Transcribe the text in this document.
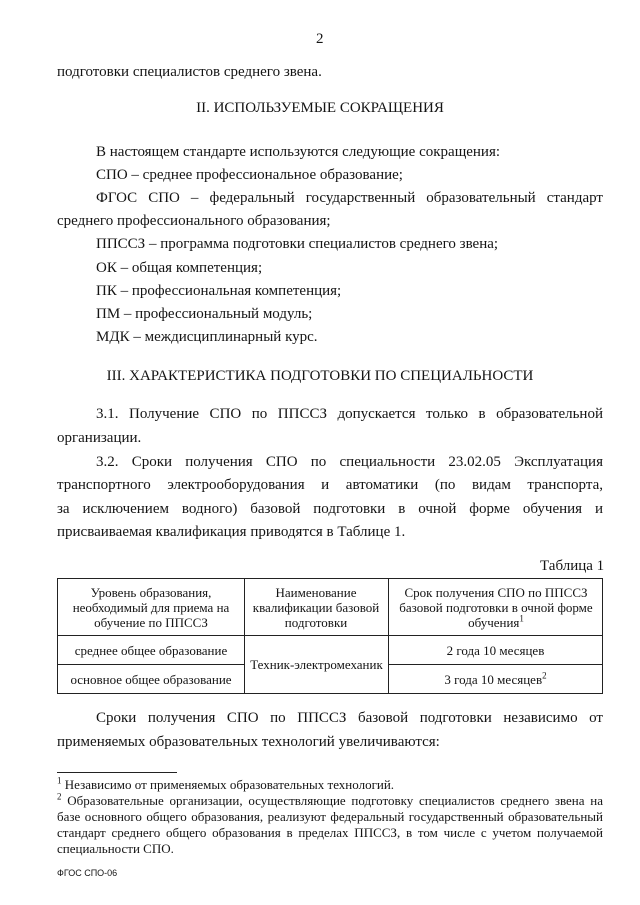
2
подготовки специалистов среднего звена.
II. ИСПОЛЬЗУЕМЫЕ СОКРАЩЕНИЯ
В настоящем стандарте используются следующие сокращения:
СПО – среднее профессиональное образование;
ФГОС СПО – федеральный государственный образовательный стандарт
среднего профессионального образования;
ППССЗ – программа подготовки специалистов среднего звена;
ОК – общая компетенция;
ПК – профессиональная компетенция;
ПМ – профессиональный модуль;
МДК – междисциплинарный курс.
III. ХАРАКТЕРИСТИКА ПОДГОТОВКИ ПО СПЕЦИАЛЬНОСТИ
3.1. Получение СПО по ППССЗ допускается только в образовательной
организации.
3.2. Сроки получения СПО по специальности 23.02.05 Эксплуатация
транспортного электрооборудования и автоматики (по видам транспорта,
за исключением водного) базовой подготовки в очной форме обучения и
присваиваемая квалификация приводятся в Таблице 1.
Таблица 1
Уровень образования, необходимый для приема на обучение по ППССЗ
Наименование квалификации базовой подготовки
Срок получения СПО по ППССЗ базовой подготовки в очной форме обучения$^1$
среднее общее образование
основное общее образование
Техник-электромеханик
2 года 10 месяцев
3 года 10 месяцев$^2$
Сроки получения СПО по ППССЗ базовой подготовки независимо от
применяемых образовательных технологий увеличиваются:
$^1$ Независимо от применяемых образовательных технологий.
$^2$ Образовательные организации, осуществляющие подготовку специалистов среднего звена на
базе основного общего образования, реализуют федеральный государственный образовательный
стандарт среднего общего образования в пределах ППССЗ, в том числе с учетом получаемой
специальности СПО.
ФГОС СПО-06
